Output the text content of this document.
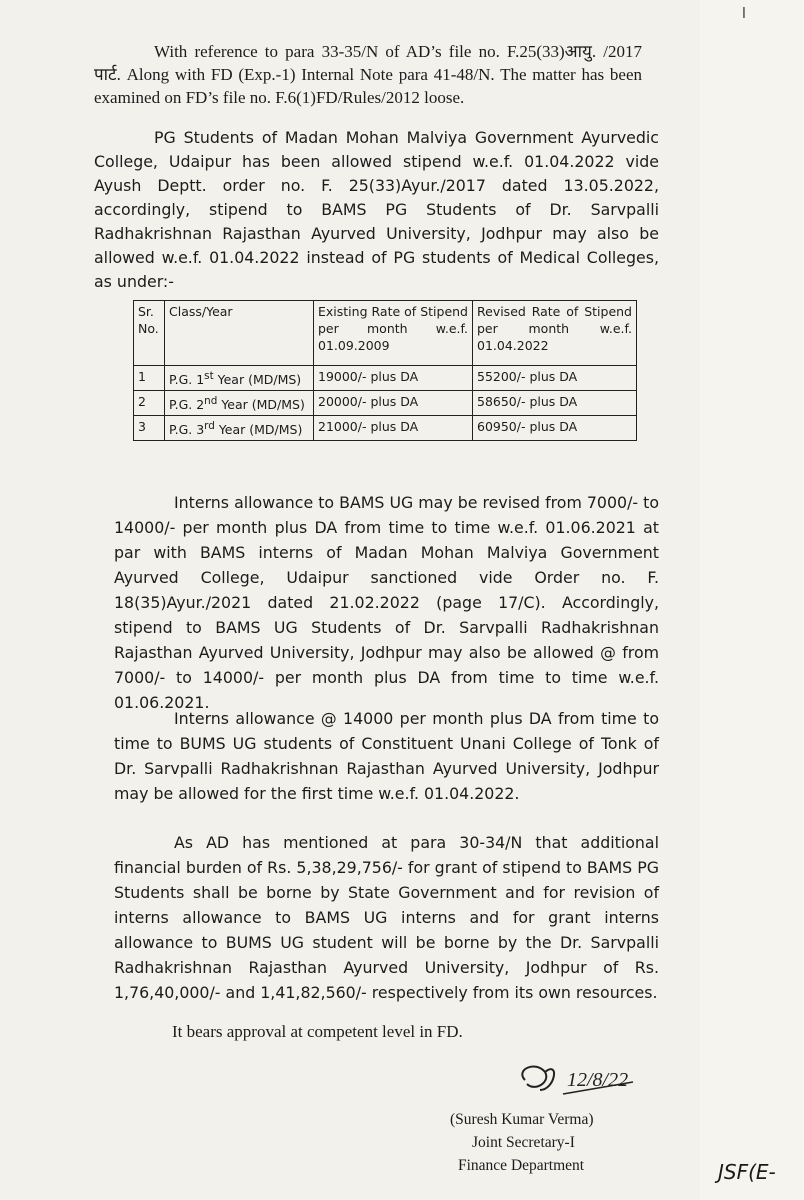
l

With reference to para 33-35/N of AD’s file no. F.25(33)आयु. /2017 पार्ट. Along with FD (Exp.-1) Internal Note para 41-48/N. The matter has been examined on FD’s file no. F.6(1)FD/Rules/2012 loose.

PG Students of Madan Mohan Malviya Government Ayurvedic College, Udaipur has been allowed stipend w.e.f. 01.04.2022 vide Ayush Deptt. order no. F. 25(33)Ayur./2017 dated 13.05.2022, accordingly, stipend to BAMS PG Students of Dr. Sarvpalli Radhakrishnan Rajasthan Ayurved University, Jodhpur may also be allowed w.e.f. 01.04.2022 instead of PG students of Medical Colleges, as under:-

Sr. No.	Class/Year	Existing Rate of Stipend per month w.e.f. 01.09.2009	Revised Rate of Stipend per month w.e.f. 01.04.2022
1	P.G. 1st Year (MD/MS)	19000/- plus DA	55200/- plus DA
2	P.G. 2nd Year (MD/MS)	20000/- plus DA	58650/- plus DA
3	P.G. 3rd Year (MD/MS)	21000/- plus DA	60950/- plus DA

Interns allowance to BAMS UG may be revised from 7000/- to 14000/- per month plus DA from time to time w.e.f. 01.06.2021 at par with BAMS interns of Madan Mohan Malviya Government Ayurved College, Udaipur sanctioned vide Order no. F. 18(35)Ayur./2021 dated 21.02.2022 (page 17/C). Accordingly, stipend to BAMS UG Students of Dr. Sarvpalli Radhakrishnan Rajasthan Ayurved University, Jodhpur may also be allowed @ from 7000/- to 14000/- per month plus DA from time to time w.e.f. 01.06.2021.

Interns allowance @ 14000 per month plus DA from time to time to BUMS UG students of Constituent Unani College of Tonk of Dr. Sarvpalli Radhakrishnan Rajasthan Ayurved University, Jodhpur may be allowed for the first time w.e.f. 01.04.2022.

As AD has mentioned at para 30-34/N that additional financial burden of Rs. 5,38,29,756/- for grant of stipend to BAMS PG Students shall be borne by State Government and for revision of interns allowance to BAMS UG interns and for grant interns allowance to BUMS UG student will be borne by the Dr. Sarvpalli Radhakrishnan Rajasthan Ayurved University, Jodhpur of Rs. 1,76,40,000/- and 1,41,82,560/- respectively from its own resources.

It bears approval at competent level in FD.

12/8/22
(Suresh Kumar Verma)
Joint Secretary-I
Finance Department	JSF(E-
